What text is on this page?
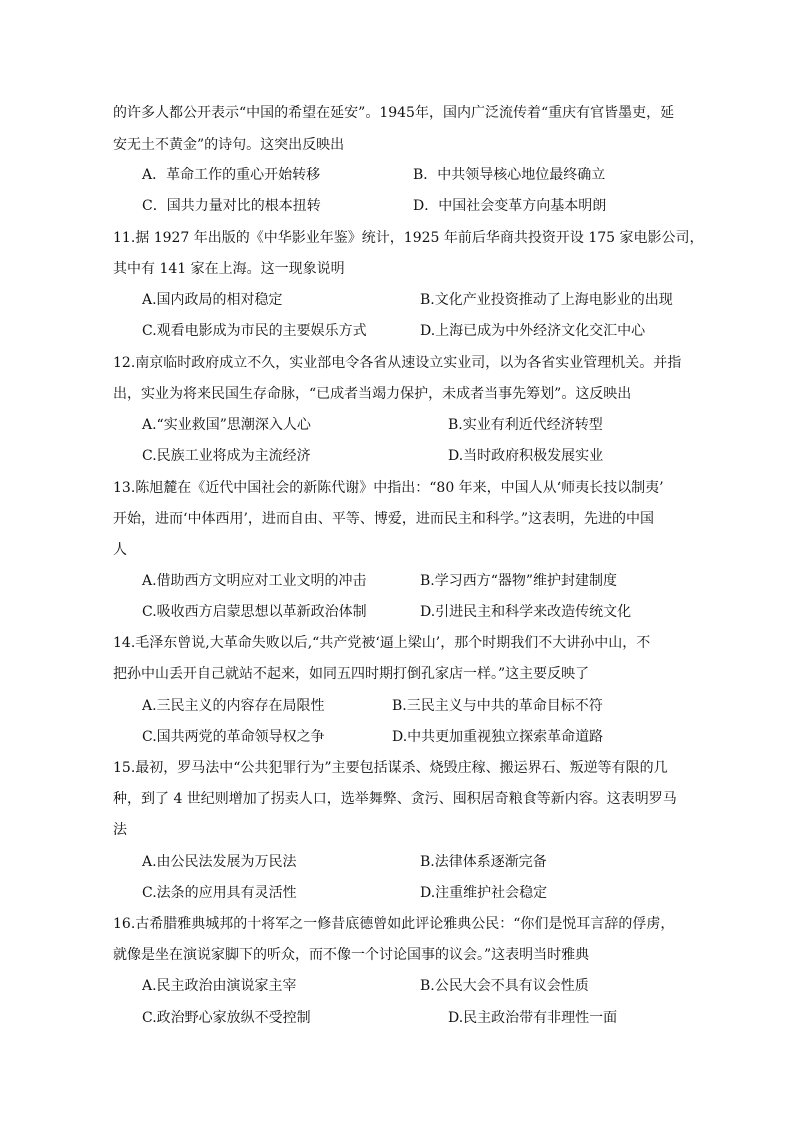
的许多人都公开表示“中国的希望在延安”。1945年，国内广泛流传着“重庆有官皆墨吏，延
安无土不黄金”的诗句。这突出反映出
A．革命工作的重心开始转移	B．中共领导核心地位最终确立
C．国共力量对比的根本扭转	D．中国社会变革方向基本明朗
11.据 1927 年出版的《中华影业年鉴》统计，1925 年前后华商共投资开设 175 家电影公司，
其中有 141 家在上海。这一现象说明
A.国内政局的相对稳定	B.文化产业投资推动了上海电影业的出现
C.观看电影成为市民的主要娱乐方式	D.上海已成为中外经济文化交汇中心
12.南京临时政府成立不久，实业部电令各省从速设立实业司，以为各省实业管理机关。并指
出，实业为将来民国生存命脉，“已成者当竭力保护，未成者当事先筹划”。这反映出
A.“实业救国”思潮深入人心	B.实业有利近代经济转型
C.民族工业将成为主流经济	D.当时政府积极发展实业
13.陈旭麓在《近代中国社会的新陈代谢》中指出：“80 年来，中国人从‘师夷长技以制夷’
开始，进而‘中体西用’，进而自由、平等、博爱，进而民主和科学。”这表明，先进的中国
人
A.借助西方文明应对工业文明的冲击	B.学习西方“器物”维护封建制度
C.吸收西方启蒙思想以革新政治体制	D.引进民主和科学来改造传统文化
14.毛泽东曾说,大革命失败以后,“共产党被‘逼上梁山’，那个时期我们不大讲孙中山，不
把孙中山丢开自己就站不起来，如同五四时期打倒孔家店一样。”这主要反映了
A.三民主义的内容存在局限性	B.三民主义与中共的革命目标不符
C.国共两党的革命领导权之争	D.中共更加重视独立探索革命道路
15.最初，罗马法中“公共犯罪行为”主要包括谋杀、烧毁庄稼、搬运界石、叛逆等有限的几
种，到了 4 世纪则增加了拐卖人口，选举舞弊、贪污、囤积居奇粮食等新内容。这表明罗马
法
A.由公民法发展为万民法	B.法律体系逐渐完备
C.法条的应用具有灵活性	D.注重维护社会稳定
16.古希腊雅典城邦的十将军之一修昔底德曾如此评论雅典公民：“你们是悦耳言辞的俘虏，
就像是坐在演说家脚下的听众，而不像一个讨论国事的议会。”这表明当时雅典
A.民主政治由演说家主宰	B.公民大会不具有议会性质
C.政治野心家放纵不受控制	D.民主政治带有非理性一面
